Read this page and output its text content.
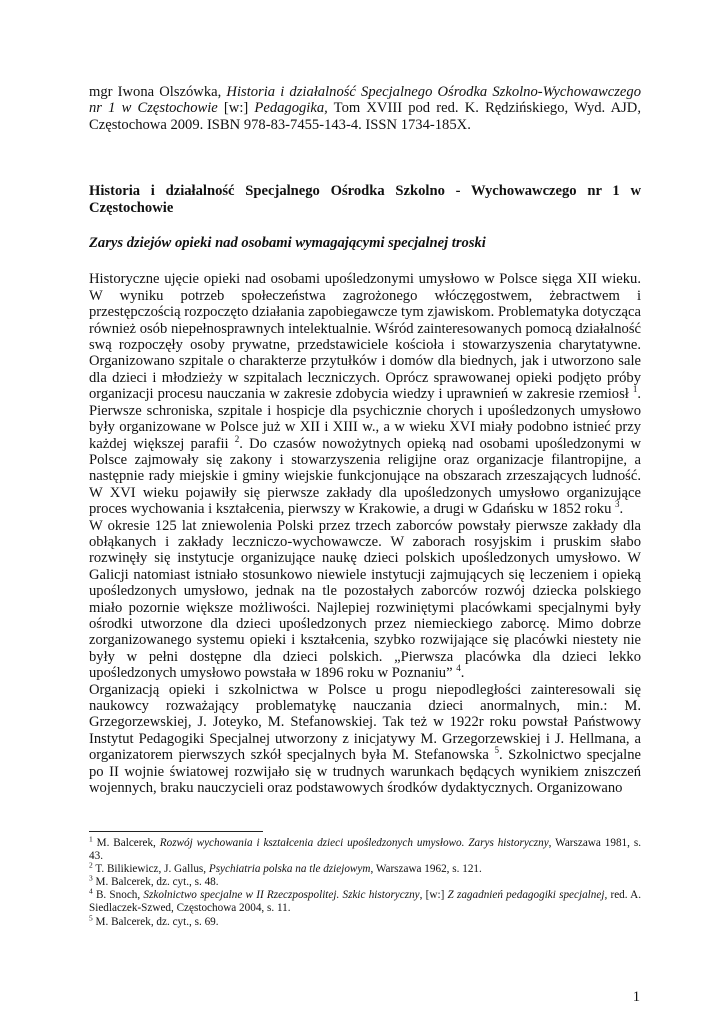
mgr Iwona Olszówka, Historia i działalność Specjalnego Ośrodka Szkolno-Wychowawczego nr 1 w Częstochowie [w:] Pedagogika, Tom XVIII pod red. K. Rędzińskiego, Wyd. AJD, Częstochowa 2009. ISBN 978-83-7455-143-4. ISSN 1734-185X.

Historia i działalność Specjalnego Ośrodka Szkolno - Wychowawczego nr 1 w Częstochowie

Zarys dziejów opieki nad osobami wymagającymi specjalnej troski

Historyczne ujęcie opieki nad osobami upośledzonymi umysłowo w Polsce sięga XII wieku. W wyniku potrzeb społeczeństwa zagrożonego włóczęgostwem, żebractwem i przestępczością rozpoczęto działania zapobiegawcze tym zjawiskom. Problematyka dotycząca również osób niepełnosprawnych intelektualnie. Wśród zainteresowanych pomocą działalność swą rozpoczęły osoby prywatne, przedstawiciele kościoła i stowarzyszenia charytatywne. Organizowano szpitale o charakterze przytułków i domów dla biednych, jak i utworzono sale dla dzieci i młodzieży w szpitalach leczniczych. Oprócz sprawowanej opieki podjęto próby organizacji procesu nauczania w zakresie zdobycia wiedzy i uprawnień w zakresie rzemiosł $^1$. Pierwsze schroniska, szpitale i hospicje dla psychicznie chorych i upośledzonych umysłowo były organizowane w Polsce już w XII i XIII w., a w wieku XVI miały podobno istnieć przy każdej większej parafii $^2$. Do czasów nowożytnych opieką nad osobami upośledzonymi w Polsce zajmowały się zakony i stowarzyszenia religijne oraz organizacje filantropijne, a następnie rady miejskie i gminy wiejskie funkcjonujące na obszarach zrzeszających ludność. W XVI wieku pojawiły się pierwsze zakłady dla upośledzonych umysłowo organizujące proces wychowania i kształcenia, pierwszy w Krakowie, a drugi w Gdańsku w 1852 roku $^3$.

W okresie 125 lat zniewolenia Polski przez trzech zaborców powstały pierwsze zakłady dla obłąkanych i zakłady leczniczo-wychowawcze. W zaborach rosyjskim i pruskim słabo rozwinęły się instytucje organizujące naukę dzieci polskich upośledzonych umysłowo. W Galicji natomiast istniało stosunkowo niewiele instytucji zajmujących się leczeniem i opieką upośledzonych umysłowo, jednak na tle pozostałych zaborców rozwój dziecka polskiego miało pozornie większe możliwości. Najlepiej rozwiniętymi placówkami specjalnymi były ośrodki utworzone dla dzieci upośledzonych przez niemieckiego zaborcę. Mimo dobrze zorganizowanego systemu opieki i kształcenia, szybko rozwijające się placówki niestety nie były w pełni dostępne dla dzieci polskich. „Pierwsza placówka dla dzieci lekko upośledzonych umysłowo powstała w 1896 roku w Poznaniu” $^4$.

Organizacją opieki i szkolnictwa w Polsce u progu niepodległości zainteresowali się naukowcy rozważający problematykę nauczania dzieci anormalnych, min.: M. Grzegorzewskiej, J. Joteyko, M. Stefanowskiej. Tak też w 1922r roku powstał Państwowy Instytut Pedagogiki Specjalnej utworzony z inicjatywy M. Grzegorzewskiej i J. Hellmana, a organizatorem pierwszych szkół specjalnych była M. Stefanowska $^5$. Szkolnictwo specjalne po II wojnie światowej rozwijało się w trudnych warunkach będących wynikiem zniszczeń wojennych, braku nauczycieli oraz podstawowych środków dydaktycznych. Organizowano

$^1$ M. Balcerek, Rozwój wychowania i kształcenia dzieci upośledzonych umysłowo. Zarys historyczny, Warszawa 1981, s. 43.

$^2$ T. Bilikiewicz, J. Gallus, Psychiatria polska na tle dziejowym, Warszawa 1962, s. 121.

$^3$ M. Balcerek, dz. cyt., s. 48.

$^4$ B. Snoch, Szkolnictwo specjalne w II Rzeczpospolitej. Szkic historyczny, [w:] Z zagadnień pedagogiki specjalnej, red. A. Siedlaczek-Szwed, Częstochowa 2004, s. 11.

$^5$ M. Balcerek, dz. cyt., s. 69.

1
